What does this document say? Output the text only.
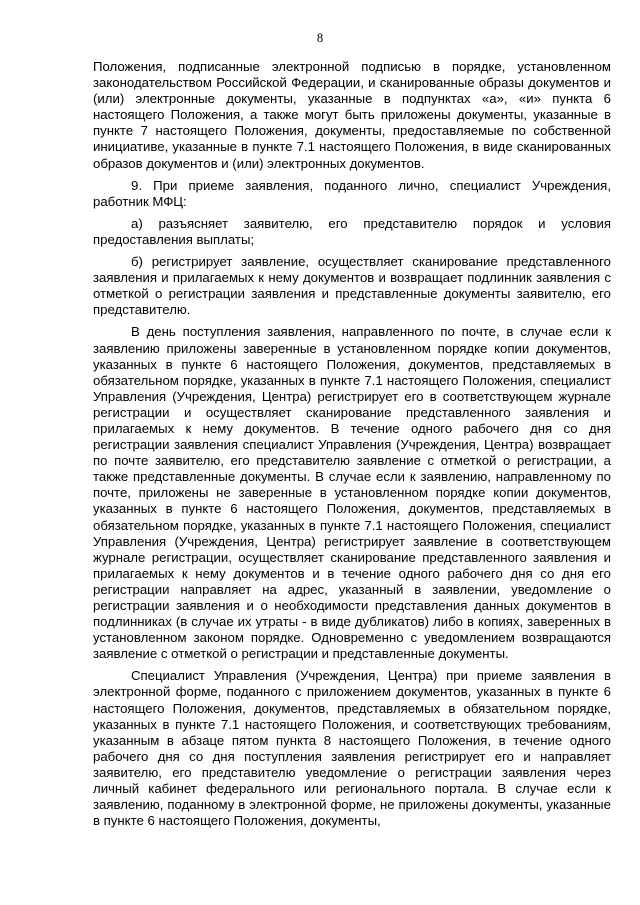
8

Положения, подписанные электронной подписью в порядке, установленном законодательством Российской Федерации, и сканированные образы документов и (или) электронные документы, указанные в подпунктах «а», «и» пункта 6 настоящего Положения, а также могут быть приложены документы, указанные в пункте 7 настоящего Положения, документы, предоставляемые по собственной инициативе, указанные в пункте 7.1 настоящего Положения, в виде сканированных образов документов и (или) электронных документов.

9. При приеме заявления, поданного лично, специалист Учреждения, работник МФЦ:

а) разъясняет заявителю, его представителю порядок и условия предоставления выплаты;

б) регистрирует заявление, осуществляет сканирование представленного заявления и прилагаемых к нему документов и возвращает подлинник заявления с отметкой о регистрации заявления и представленные документы заявителю, его представителю.

В день поступления заявления, направленного по почте, в случае если к заявлению приложены заверенные в установленном порядке копии документов, указанных в пункте 6 настоящего Положения, документов, представляемых в обязательном порядке, указанных в пункте 7.1 настоящего Положения, специалист Управления (Учреждения, Центра) регистрирует его в соответствующем журнале регистрации и осуществляет сканирование представленного заявления и прилагаемых к нему документов. В течение одного рабочего дня со дня регистрации заявления специалист Управления (Учреждения, Центра) возвращает по почте заявителю, его представителю заявление с отметкой о регистрации, а также представленные документы. В случае если к заявлению, направленному по почте, приложены не заверенные в установленном порядке копии документов, указанных в пункте 6 настоящего Положения, документов, представляемых в обязательном порядке, указанных в пункте 7.1 настоящего Положения, специалист Управления (Учреждения, Центра) регистрирует заявление в соответствующем журнале регистрации, осуществляет сканирование представленного заявления и прилагаемых к нему документов и в течение одного рабочего дня со дня его регистрации направляет на адрес, указанный в заявлении, уведомление о регистрации заявления и о необходимости представления данных документов в подлинниках (в случае их утраты - в виде дубликатов) либо в копиях, заверенных в установленном законом порядке. Одновременно с уведомлением возвращаются заявление с отметкой о регистрации и представленные документы.

Специалист Управления (Учреждения, Центра) при приеме заявления в электронной форме, поданного с приложением документов, указанных в пункте 6 настоящего Положения, документов, представляемых в обязательном порядке, указанных в пункте 7.1 настоящего Положения, и соответствующих требованиям, указанным в абзаце пятом пункта 8 настоящего Положения, в течение одного рабочего дня со дня поступления заявления регистрирует его и направляет заявителю, его представителю уведомление о регистрации заявления через личный кабинет федерального или регионального портала. В случае если к заявлению, поданному в электронной форме, не приложены документы, указанные в пункте 6 настоящего Положения, документы,
